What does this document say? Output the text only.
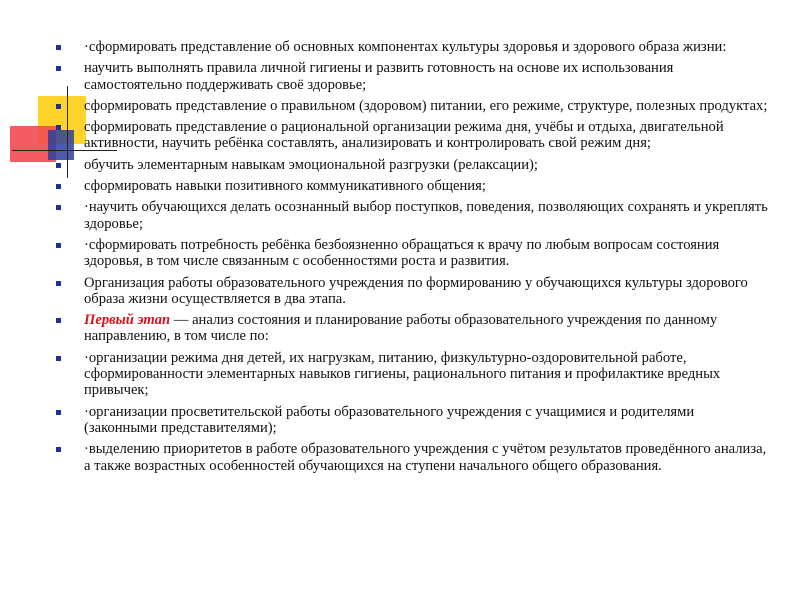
·сформировать представление об основных компонентах культуры здоровья и здорового образа жизни:
научить выполнять правила личной гигиены и развить готовность на основе их использования самостоятельно поддерживать своё здоровье;
сформировать представление о правильном (здоровом) питании, его режиме, структуре, полезных продуктах;
сформировать представление о рациональной организации режима дня, учёбы и отдыха, двигательной активности, научить ребёнка составлять, анализировать и контролировать свой режим дня;
обучить элементарным навыкам эмоциональной разгрузки (релаксации);
сформировать навыки позитивного коммуникативного общения;
·научить обучающихся делать осознанный выбор поступков, поведения, позволяющих сохранять и укреплять здоровье;
·сформировать потребность ребёнка безбоязненно обращаться к врачу по любым вопросам состояния здоровья, в том числе связанным с особенностями роста и развития.
Организация работы образовательного учреждения по формированию у обучающихся культуры здорового образа жизни осуществляется в два этапа.
Первый этап — анализ состояния и планирование работы образовательного учреждения по данному направлению, в том числе по:
·организации режима дня детей, их нагрузкам, питанию, физкультурно-оздоровительной работе, сформированности элементарных навыков гигиены, рационального питания и профилактике вредных привычек;
·организации просветительской работы образовательного учреждения с учащимися и родителями (законными представителями);
·выделению приоритетов в работе образовательного учреждения с учётом результатов проведённого анализа, а также возрастных особенностей обучающихся на ступени начального общего образования.
